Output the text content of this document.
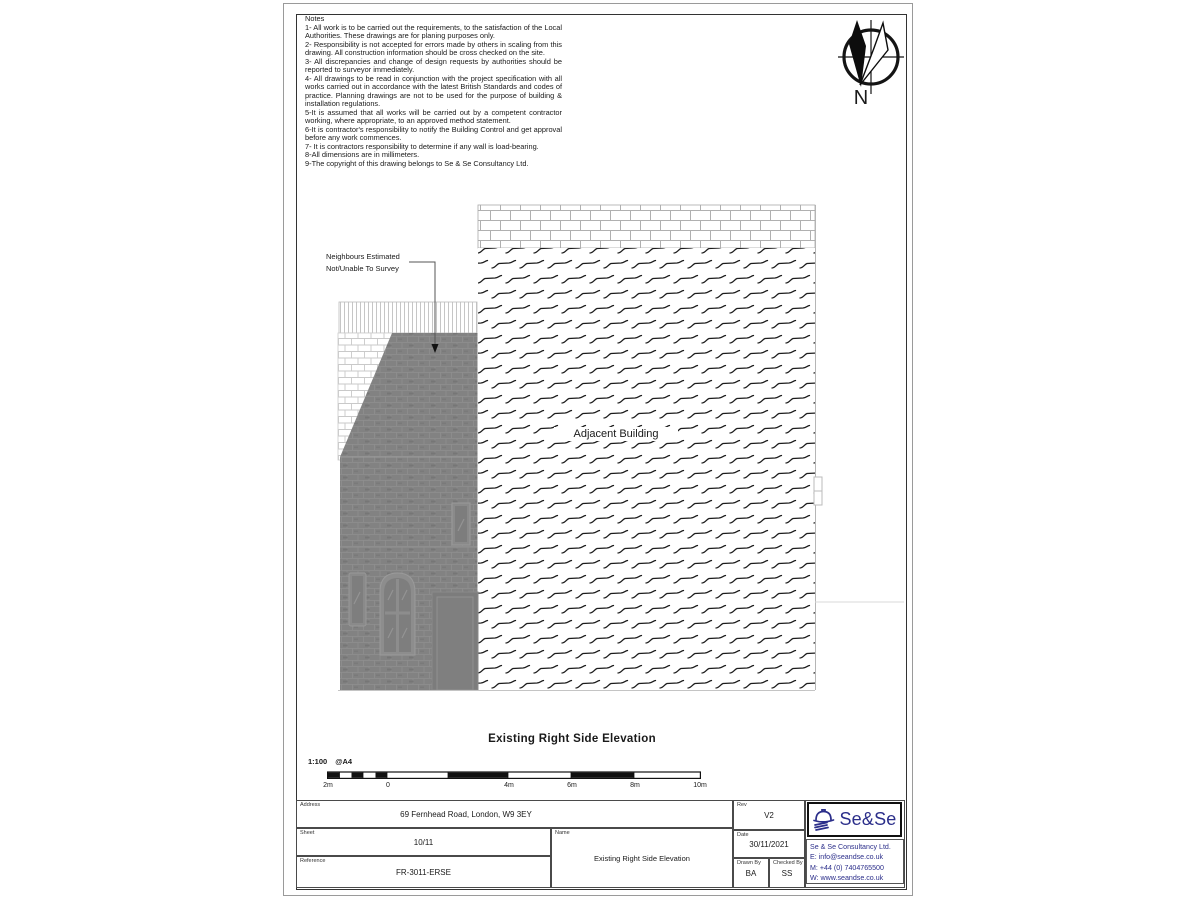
Notes

1- All work is to be carried out the requirements, to the satisfaction of the Local Authorities. These drawings are for planing purposes only.

2- Responsibility is not accepted for errors made by others in scaling from this drawing. All construction information should be cross checked on the site.

3- All discrepancies and change of design requests by authorities should be reported to surveyor immediately.

4- All drawings to be read in conjunction with the project specification with all works carried out in accordance with the latest British Standards and codes of practice. Planning drawings are not to be used for the purpose of building & installation regulations.

5-It is assumed that all works will be carried out by a competent contractor working, where appropriate, to an approved method statement.

6-It is contractor's responsibility to notify the Building Control and get approval before any work commences.

7- It is contractors responsibility to determine if any wall is load-bearing.

8-All dimensions are in millimeters.

9-The copyright of this drawing belongs to Se & Se Consultancy Ltd.

N
Neighbours Estimated
Not/Unable To Survey
Adjacent Building
Existing Right Side Elevation
1:100 @A4
2m	0	4m	6m	8m	10m
Address
69 Fernhead Road, London, W9 3EY
Sheet
10/11
Reference
FR-3011-ERSE
Name
Existing Right Side Elevation
Rev
V2
Date
30/11/2021
Drawn By
BA
Checked By
SS
Se&Se
Se & Se Consultancy Ltd.
E: info@seandse.co.uk
M: +44 (0) 7404765500
W: www.seandse.co.uk
